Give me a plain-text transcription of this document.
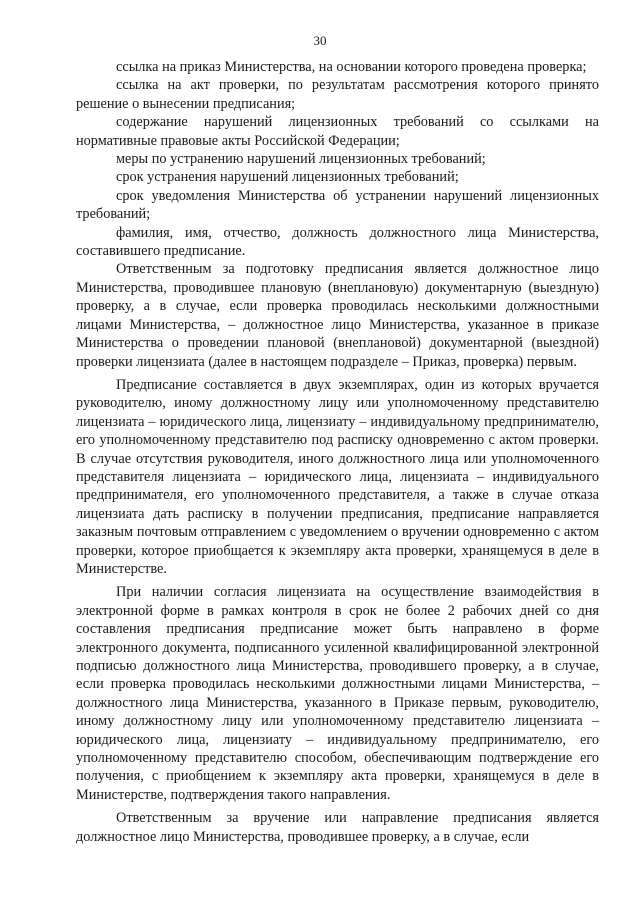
30

ссылка на приказ Министерства, на основании которого проведена проверка;

ссылка на акт проверки, по результатам рассмотрения которого принято решение о вынесении предписания;

содержание нарушений лицензионных требований со ссылками на нормативные правовые акты Российской Федерации;

меры по устранению нарушений лицензионных требований;

срок устранения нарушений лицензионных требований;

срок уведомления Министерства об устранении нарушений лицензионных требований;

фамилия, имя, отчество, должность должностного лица Министерства, составившего предписание.

Ответственным за подготовку предписания является должностное лицо Министерства, проводившее плановую (внеплановую) документарную (выездную) проверку, а в случае, если проверка проводилась несколькими должностными лицами Министерства, – должностное лицо Министерства, указанное в приказе Министерства о проведении плановой (внеплановой) документарной (выездной) проверки лицензиата (далее в настоящем подразделе – Приказ, проверка) первым.

Предписание составляется в двух экземплярах, один из которых вручается руководителю, иному должностному лицу или уполномоченному представителю лицензиата – юридического лица, лицензиату – индивидуальному предпринимателю, его уполномоченному представителю под расписку одновременно с актом проверки. В случае отсутствия руководителя, иного должностного лица или уполномоченного представителя лицензиата – юридического лица, лицензиата – индивидуального предпринимателя, его уполномоченного представителя, а также в случае отказа лицензиата дать расписку в получении предписания, предписание направляется заказным почтовым отправлением с уведомлением о вручении одновременно с актом проверки, которое приобщается к экземпляру акта проверки, хранящемуся в деле в Министерстве.

При наличии согласия лицензиата на осуществление взаимодействия в электронной форме в рамках контроля в срок не более 2 рабочих дней со дня составления предписания предписание может быть направлено в форме электронного документа, подписанного усиленной квалифицированной электронной подписью должностного лица Министерства, проводившего проверку, а в случае, если проверка проводилась несколькими должностными лицами Министерства, – должностного лица Министерства, указанного в Приказе первым, руководителю, иному должностному лицу или уполномоченному представителю лицензиата – юридического лица, лицензиату – индивидуальному предпринимателю, его уполномоченному представителю способом, обеспечивающим подтверждение его получения, с приобщением к экземпляру акта проверки, хранящемуся в деле в Министерстве, подтверждения такого направления.

Ответственным за вручение или направление предписания является должностное лицо Министерства, проводившее проверку, а в случае, если
